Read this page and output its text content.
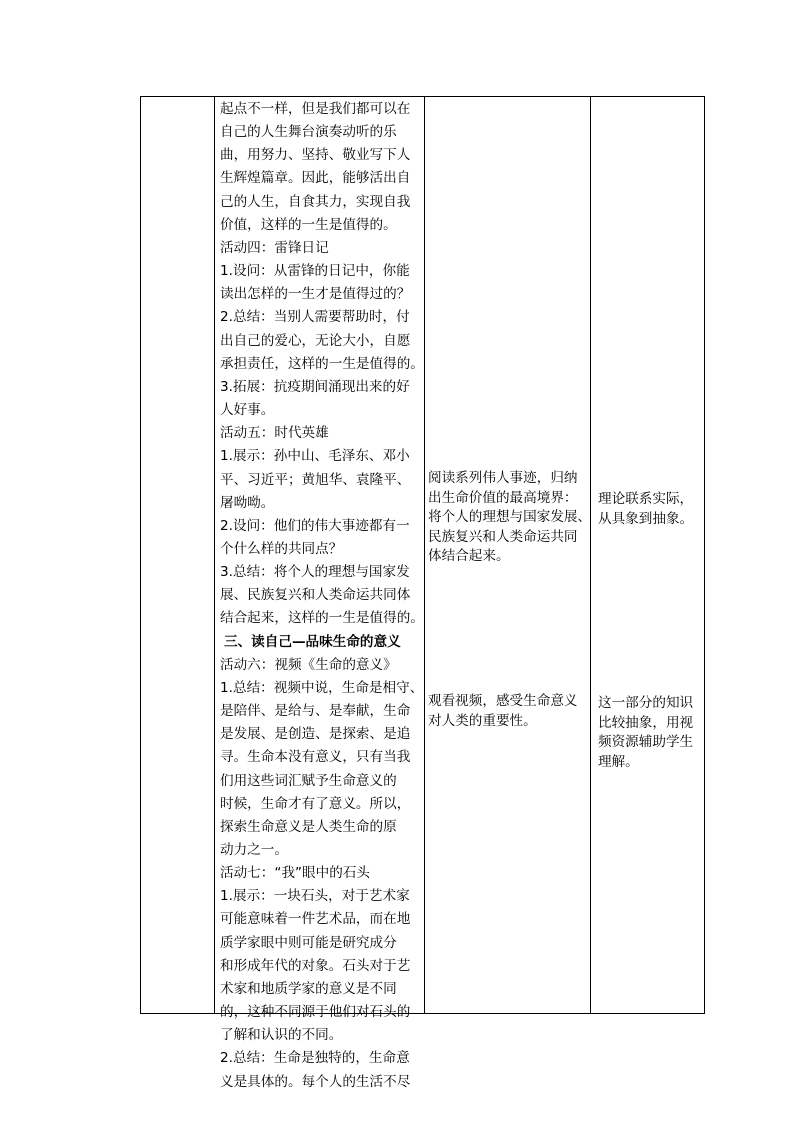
起点不一样，但是我们都可以在
自己的人生舞台演奏动听的乐
曲，用努力、坚持、敬业写下人
生辉煌篇章。因此，能够活出自
己的人生，自食其力，实现自我
价值，这样的一生是值得的。
活动四：雷锋日记
1.设问：从雷锋的日记中，你能
读出怎样的一生才是值得过的？
2.总结：当别人需要帮助时，付
出自己的爱心，无论大小，自愿
承担责任，这样的一生是值得的。
3.拓展：抗疫期间涌现出来的好
人好事。
活动五：时代英雄
1.展示：孙中山、毛泽东、邓小
平、习近平；黄旭华、袁隆平、
屠呦呦。
2.设问：他们的伟大事迹都有一
个什么样的共同点？
3.总结：将个人的理想与国家发
展、民族复兴和人类命运共同体
结合起来，这样的一生是值得的。
三、读自己—品味生命的意义
活动六：视频《生命的意义》
1.总结：视频中说，生命是相守、
是陪伴、是给与、是奉献，生命
是发展、是创造、是探索、是追
寻。生命本没有意义，只有当我
们用这些词汇赋予生命意义的
时候，生命才有了意义。所以，
探索生命意义是人类生命的原
动力之一。
活动七：“我”眼中的石头
1.展示：一块石头，对于艺术家
可能意味着一件艺术品，而在地
质学家眼中则可能是研究成分
和形成年代的对象。石头对于艺
术家和地质学家的意义是不同
的，这种不同源于他们对石头的
了解和认识的不同。
2.总结：生命是独特的，生命意
义是具体的。每个人的生活不尽
阅读系列伟人事迹，归纳
出生命价值的最高境界：
将个人的理想与国家发展、
民族复兴和人类命运共同
体结合起来。
观看视频，感受生命意义
对人类的重要性。
理论联系实际，
从具象到抽象。
这一部分的知识
比较抽象，用视
频资源辅助学生
理解。
